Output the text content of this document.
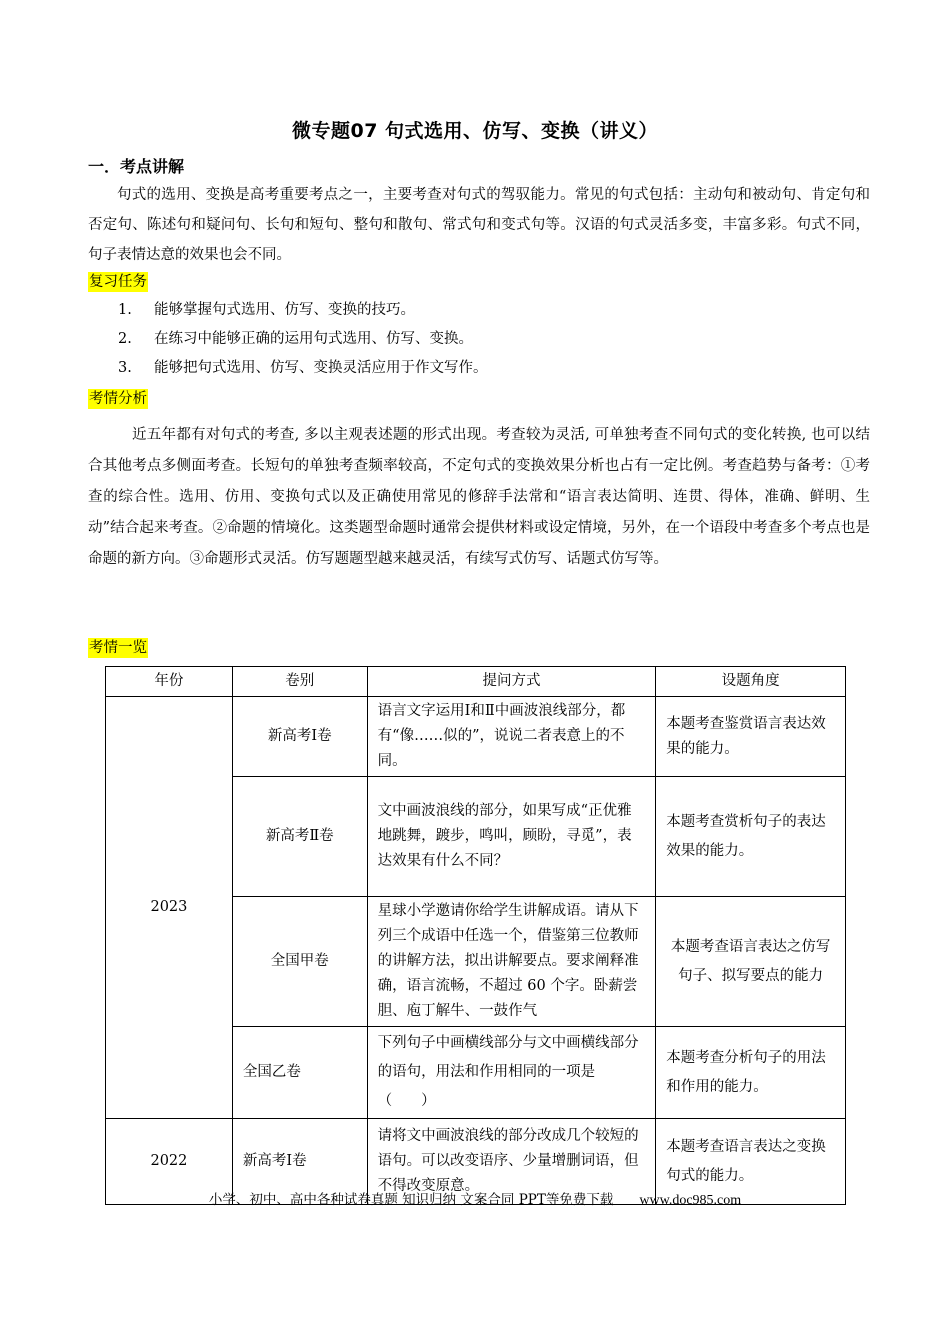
微专题07 句式选用、仿写、变换（讲义）
一．考点讲解
句式的选用、变换是高考重要考点之一，主要考查对句式的驾驭能力。常见的句式包括：主动句和被动句、肯定句和否定句、陈述句和疑问句、长句和短句、整句和散句、常式句和变式句等。汉语的句式灵活多变，丰富多彩。句式不同，句子表情达意的效果也会不同。
复习任务
1. 能够掌握句式选用、仿写、变换的技巧。
2. 在练习中能够正确的运用句式选用、仿写、变换。
3. 能够把句式选用、仿写、变换灵活应用于作文写作。
考情分析
近五年都有对句式的考查, 多以主观表述题的形式出现。考查较为灵活, 可单独考查不同句式的变化转换, 也可以结合其他考点多侧面考查。长短句的单独考查频率较高，不定句式的变换效果分析也占有一定比例。考查趋势与备考：①考查的综合性。选用、仿用、变换句式以及正确使用常见的修辞手法常和“语言表达简明、连贯、得体，准确、鲜明、生动”结合起来考查。②命题的情境化。这类题型命题时通常会提供材料或设定情境，另外，在一个语段中考查多个考点也是命题的新方向。③命题形式灵活。仿写题题型越来越灵活，有续写式仿写、话题式仿写等。
考情一览
年份	卷别	提问方式	设题角度
2023	新高考Ⅰ卷	语言文字运用Ⅰ和Ⅱ中画波浪线部分，都有“像……似的”，说说二者表意上的不同。	本题考查鉴赏语言表达效果的能力。
	新高考Ⅱ卷	文中画波浪线的部分，如果写成“正优雅地跳舞，踱步，鸣叫，顾盼，寻觅”，表达效果有什么不同？	本题考查赏析句子的表达效果的能力。
	全国甲卷	星球小学邀请你给学生讲解成语。请从下列三个成语中任选一个，借鉴第三位教师的讲解方法，拟出讲解要点。要求阐释准确，语言流畅，不超过 60 个字。卧薪尝胆、庖丁解牛、一鼓作气	本题考查语言表达之仿写句子、拟写要点的能力
	全国乙卷	下列句子中画横线部分与文中画横线部分的语句，用法和作用相同的一项是（　　）	本题考查分析句子的用法和作用的能力。
2022	新高考Ⅰ卷	请将文中画波浪线的部分改成几个较短的语句。可以改变语序、少量增删词语，但不得改变原意。	本题考查语言表达之变换句式的能力。
小学、初中、高中各种试卷真题 知识归纳 文案合同 PPT等免费下载 www.doc985.com
